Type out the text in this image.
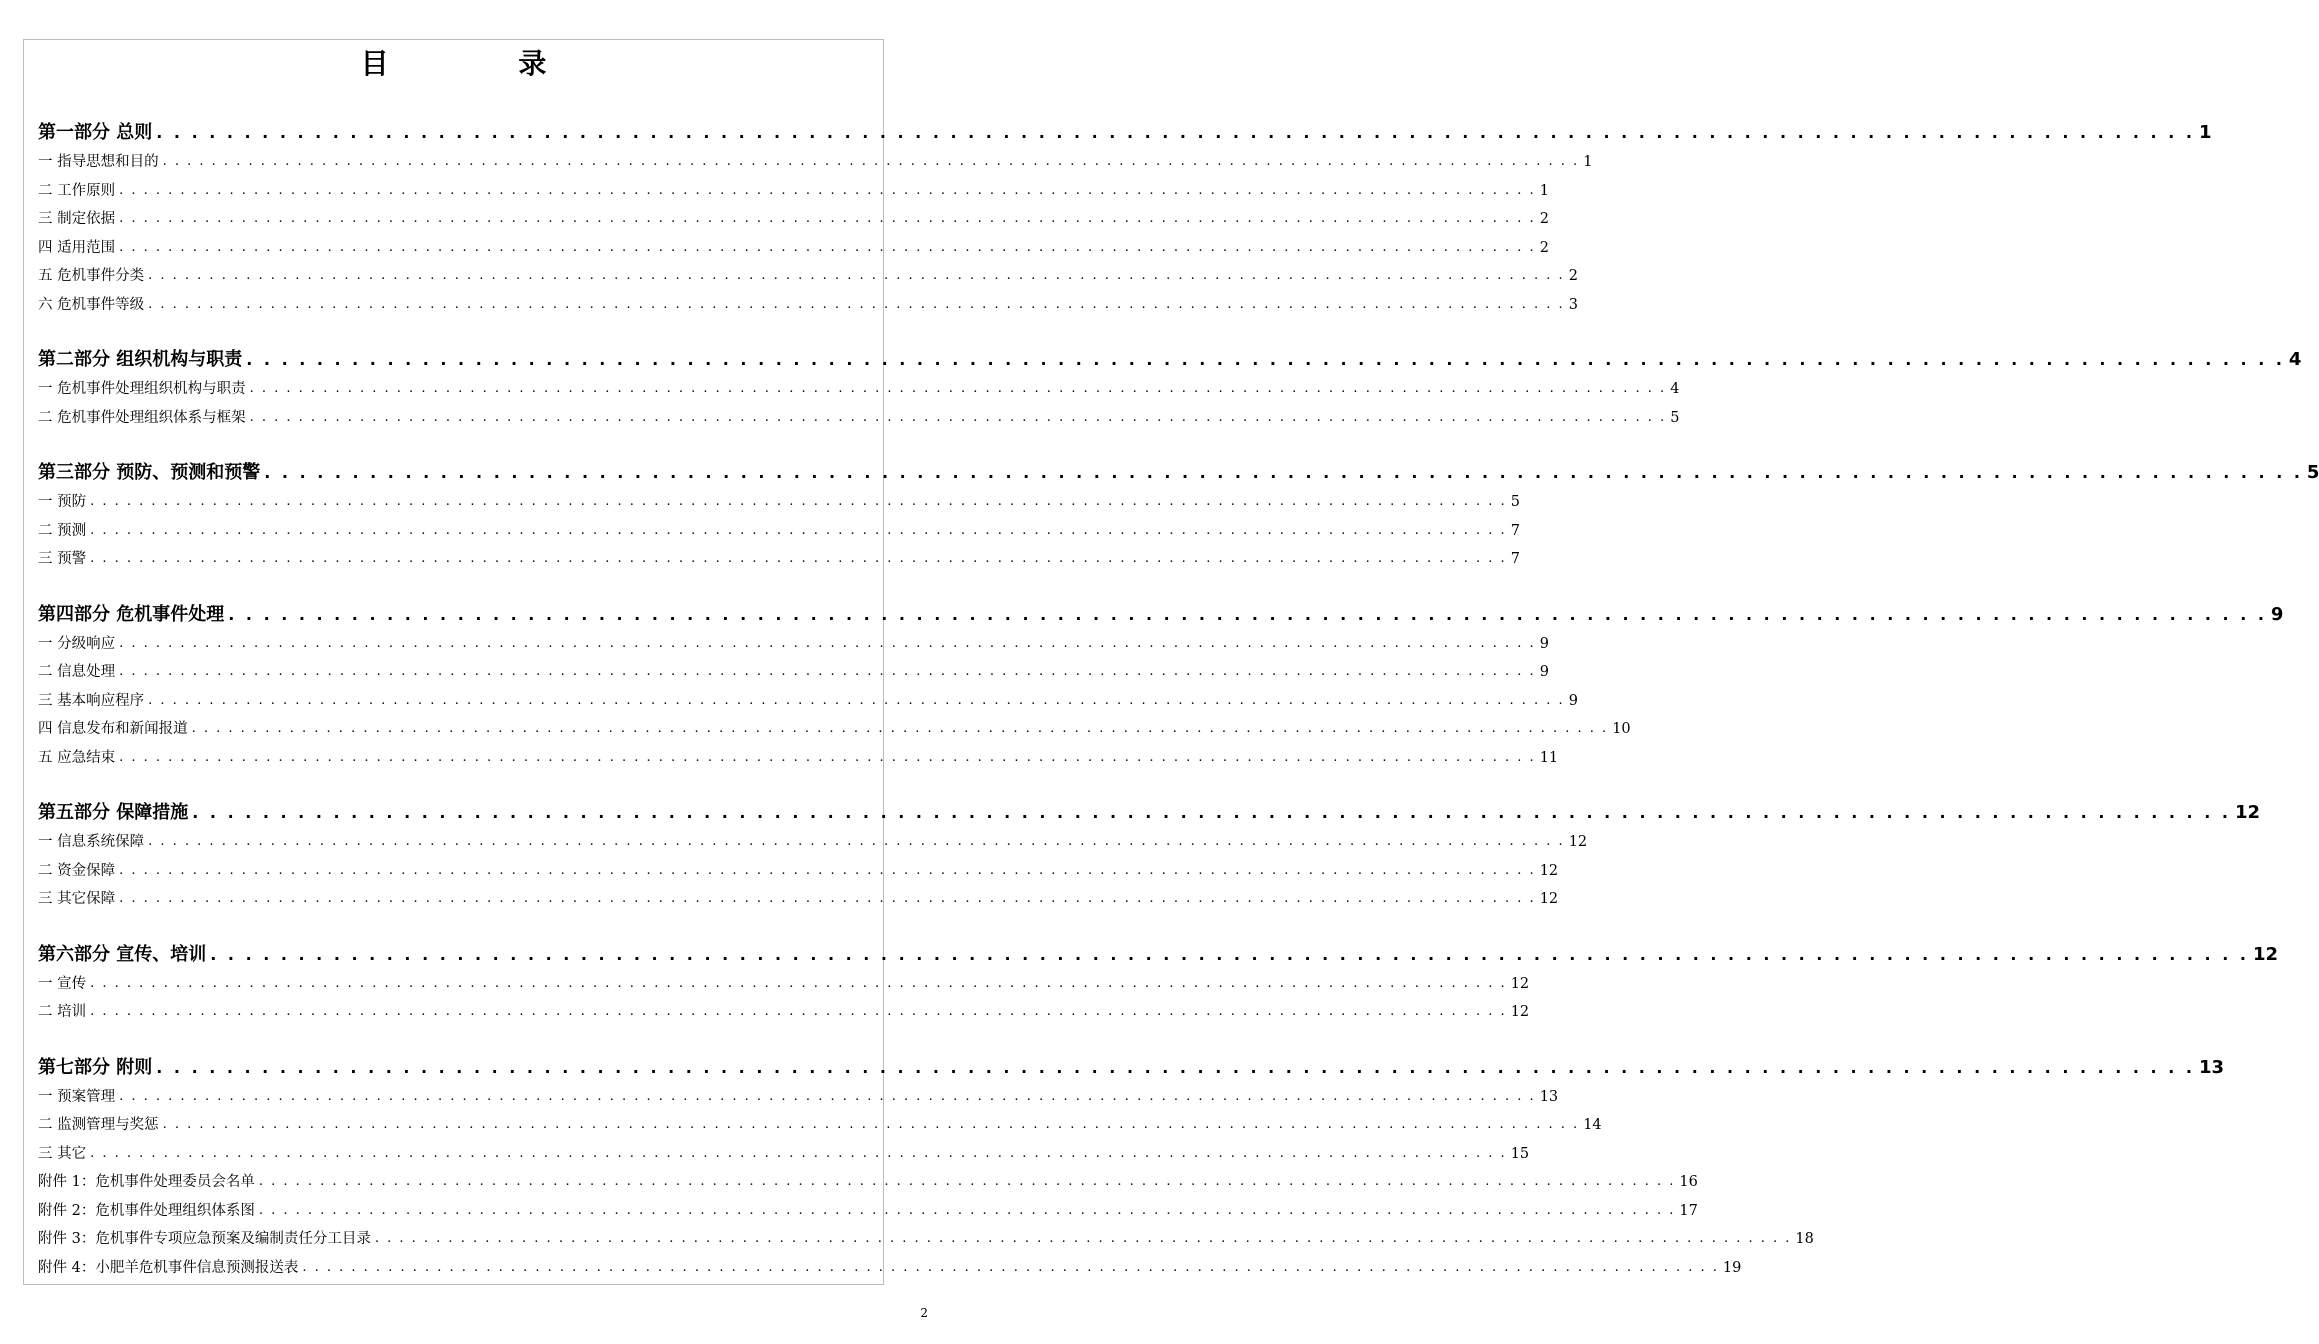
目 录
第一部分 总则 . . . . . . . . . . . . . . . . . . . . . . . . . . . . . . . . . . . . . . . . . . . . . . . . . . . . . . . . . . . . . . . . . . . . . . . . . . . . . . . . . . . . . . . . . . . . . . . . . . . . . . . . . . . . . . . . . . . . 1
一 指导思想和目的 . . . . . . . . . . . . . . . . . . . . . . . . . . . . . . . . . . . . . . . . . . . . . . . . . . . . . . . . . . . . . . . . . . . . . . . . . . . . . . . . . . . . . . . . . . . . . . . . . . . . . . . . . . . . . . . . . . . . 1
二 工作原则 . . . . . . . . . . . . . . . . . . . . . . . . . . . . . . . . . . . . . . . . . . . . . . . . . . . . . . . . . . . . . . . . . . . . . . . . . . . . . . . . . . . . . . . . . . . . . . . . . . . . . . . . . . . . . . . . . . . . 1
三 制定依据 . . . . . . . . . . . . . . . . . . . . . . . . . . . . . . . . . . . . . . . . . . . . . . . . . . . . . . . . . . . . . . . . . . . . . . . . . . . . . . . . . . . . . . . . . . . . . . . . . . . . . . . . . . . . . . . . . . . . 2
四 适用范围 . . . . . . . . . . . . . . . . . . . . . . . . . . . . . . . . . . . . . . . . . . . . . . . . . . . . . . . . . . . . . . . . . . . . . . . . . . . . . . . . . . . . . . . . . . . . . . . . . . . . . . . . . . . . . . . . . . . . 2
五 危机事件分类 . . . . . . . . . . . . . . . . . . . . . . . . . . . . . . . . . . . . . . . . . . . . . . . . . . . . . . . . . . . . . . . . . . . . . . . . . . . . . . . . . . . . . . . . . . . . . . . . . . . . . . . . . . . . . . . . . . . . 2
六 危机事件等级 . . . . . . . . . . . . . . . . . . . . . . . . . . . . . . . . . . . . . . . . . . . . . . . . . . . . . . . . . . . . . . . . . . . . . . . . . . . . . . . . . . . . . . . . . . . . . . . . . . . . . . . . . . . . . . . . . . . . 3
第二部分 组织机构与职责 . . . . . . . . . . . . . . . . . . . . . . . . . . . . . . . . . . . . . . . . . . . . . . . . . . . . . . . . . . . . . . . . . . . . . . . . . . . . . . . . . . . . . . . . . . . . . . . . . . . . . . . . . . . . . . . . . . . . 4
一 危机事件处理组织机构与职责 . . . . . . . . . . . . . . . . . . . . . . . . . . . . . . . . . . . . . . . . . . . . . . . . . . . . . . . . . . . . . . . . . . . . . . . . . . . . . . . . . . . . . . . . . . . . . . . . . . . . . . . . . . . . . . . . . . . . 4
二 危机事件处理组织体系与框架 . . . . . . . . . . . . . . . . . . . . . . . . . . . . . . . . . . . . . . . . . . . . . . . . . . . . . . . . . . . . . . . . . . . . . . . . . . . . . . . . . . . . . . . . . . . . . . . . . . . . . . . . . . . . . . . . . . . . 5
第三部分 预防、预测和预警 . . . . . . . . . . . . . . . . . . . . . . . . . . . . . . . . . . . . . . . . . . . . . . . . . . . . . . . . . . . . . . . . . . . . . . . . . . . . . . . . . . . . . . . . . . . . . . . . . . . . . . . . . . . . . . . . . . . . 5
一 预防 . . . . . . . . . . . . . . . . . . . . . . . . . . . . . . . . . . . . . . . . . . . . . . . . . . . . . . . . . . . . . . . . . . . . . . . . . . . . . . . . . . . . . . . . . . . . . . . . . . . . . . . . . . . . . . . . . . . . 5
二 预测 . . . . . . . . . . . . . . . . . . . . . . . . . . . . . . . . . . . . . . . . . . . . . . . . . . . . . . . . . . . . . . . . . . . . . . . . . . . . . . . . . . . . . . . . . . . . . . . . . . . . . . . . . . . . . . . . . . . . 7
三 预警 . . . . . . . . . . . . . . . . . . . . . . . . . . . . . . . . . . . . . . . . . . . . . . . . . . . . . . . . . . . . . . . . . . . . . . . . . . . . . . . . . . . . . . . . . . . . . . . . . . . . . . . . . . . . . . . . . . . . 7
第四部分 危机事件处理 . . . . . . . . . . . . . . . . . . . . . . . . . . . . . . . . . . . . . . . . . . . . . . . . . . . . . . . . . . . . . . . . . . . . . . . . . . . . . . . . . . . . . . . . . . . . . . . . . . . . . . . . . . . . . . . . . . . . 9
一 分级响应 . . . . . . . . . . . . . . . . . . . . . . . . . . . . . . . . . . . . . . . . . . . . . . . . . . . . . . . . . . . . . . . . . . . . . . . . . . . . . . . . . . . . . . . . . . . . . . . . . . . . . . . . . . . . . . . . . . . . 9
二 信息处理 . . . . . . . . . . . . . . . . . . . . . . . . . . . . . . . . . . . . . . . . . . . . . . . . . . . . . . . . . . . . . . . . . . . . . . . . . . . . . . . . . . . . . . . . . . . . . . . . . . . . . . . . . . . . . . . . . . . . 9
三 基本响应程序 . . . . . . . . . . . . . . . . . . . . . . . . . . . . . . . . . . . . . . . . . . . . . . . . . . . . . . . . . . . . . . . . . . . . . . . . . . . . . . . . . . . . . . . . . . . . . . . . . . . . . . . . . . . . . . . . . . . . 9
四 信息发布和新闻报道 . . . . . . . . . . . . . . . . . . . . . . . . . . . . . . . . . . . . . . . . . . . . . . . . . . . . . . . . . . . . . . . . . . . . . . . . . . . . . . . . . . . . . . . . . . . . . . . . . . . . . . . . . . . . . . . . . . . . 10
五 应急结束 . . . . . . . . . . . . . . . . . . . . . . . . . . . . . . . . . . . . . . . . . . . . . . . . . . . . . . . . . . . . . . . . . . . . . . . . . . . . . . . . . . . . . . . . . . . . . . . . . . . . . . . . . . . . . . . . . . . . 11
第五部分 保障措施 . . . . . . . . . . . . . . . . . . . . . . . . . . . . . . . . . . . . . . . . . . . . . . . . . . . . . . . . . . . . . . . . . . . . . . . . . . . . . . . . . . . . . . . . . . . . . . . . . . . . . . . . . . . . . . . . . . . . 12
一 信息系统保障 . . . . . . . . . . . . . . . . . . . . . . . . . . . . . . . . . . . . . . . . . . . . . . . . . . . . . . . . . . . . . . . . . . . . . . . . . . . . . . . . . . . . . . . . . . . . . . . . . . . . . . . . . . . . . . . . . . . . 12
二 资金保障 . . . . . . . . . . . . . . . . . . . . . . . . . . . . . . . . . . . . . . . . . . . . . . . . . . . . . . . . . . . . . . . . . . . . . . . . . . . . . . . . . . . . . . . . . . . . . . . . . . . . . . . . . . . . . . . . . . . . 12
三 其它保障 . . . . . . . . . . . . . . . . . . . . . . . . . . . . . . . . . . . . . . . . . . . . . . . . . . . . . . . . . . . . . . . . . . . . . . . . . . . . . . . . . . . . . . . . . . . . . . . . . . . . . . . . . . . . . . . . . . . . 12
第六部分 宣传、培训 . . . . . . . . . . . . . . . . . . . . . . . . . . . . . . . . . . . . . . . . . . . . . . . . . . . . . . . . . . . . . . . . . . . . . . . . . . . . . . . . . . . . . . . . . . . . . . . . . . . . . . . . . . . . . . . . . . . . 12
一 宣传 . . . . . . . . . . . . . . . . . . . . . . . . . . . . . . . . . . . . . . . . . . . . . . . . . . . . . . . . . . . . . . . . . . . . . . . . . . . . . . . . . . . . . . . . . . . . . . . . . . . . . . . . . . . . . . . . . . . . 12
二 培训 . . . . . . . . . . . . . . . . . . . . . . . . . . . . . . . . . . . . . . . . . . . . . . . . . . . . . . . . . . . . . . . . . . . . . . . . . . . . . . . . . . . . . . . . . . . . . . . . . . . . . . . . . . . . . . . . . . . . 12
第七部分 附则 . . . . . . . . . . . . . . . . . . . . . . . . . . . . . . . . . . . . . . . . . . . . . . . . . . . . . . . . . . . . . . . . . . . . . . . . . . . . . . . . . . . . . . . . . . . . . . . . . . . . . . . . . . . . . . . . . . . . 13
一 预案管理 . . . . . . . . . . . . . . . . . . . . . . . . . . . . . . . . . . . . . . . . . . . . . . . . . . . . . . . . . . . . . . . . . . . . . . . . . . . . . . . . . . . . . . . . . . . . . . . . . . . . . . . . . . . . . . . . . . . . 13
二 监测管理与奖惩 . . . . . . . . . . . . . . . . . . . . . . . . . . . . . . . . . . . . . . . . . . . . . . . . . . . . . . . . . . . . . . . . . . . . . . . . . . . . . . . . . . . . . . . . . . . . . . . . . . . . . . . . . . . . . . . . . . . . 14
三 其它 . . . . . . . . . . . . . . . . . . . . . . . . . . . . . . . . . . . . . . . . . . . . . . . . . . . . . . . . . . . . . . . . . . . . . . . . . . . . . . . . . . . . . . . . . . . . . . . . . . . . . . . . . . . . . . . . . . . . 15
附件 1：危机事件处理委员会名单 . . . . . . . . . . . . . . . . . . . . . . . . . . . . . . . . . . . . . . . . . . . . . . . . . . . . . . . . . . . . . . . . . . . . . . . . . . . . . . . . . . . . . . . . . . . . . . . . . . . . . . . . . . . . . . . . . . . . 16
附件 2：危机事件处理组织体系图 . . . . . . . . . . . . . . . . . . . . . . . . . . . . . . . . . . . . . . . . . . . . . . . . . . . . . . . . . . . . . . . . . . . . . . . . . . . . . . . . . . . . . . . . . . . . . . . . . . . . . . . . . . . . . . . . . . . . 17
附件 3：危机事件专项应急预案及编制责任分工目录 . . . . . . . . . . . . . . . . . . . . . . . . . . . . . . . . . . . . . . . . . . . . . . . . . . . . . . . . . . . . . . . . . . . . . . . . . . . . . . . . . . . . . . . . . . . . . . . . . . . . . . . . . . . . . . . . . . . . 18
附件 4：小肥羊危机事件信息预测报送表 . . . . . . . . . . . . . . . . . . . . . . . . . . . . . . . . . . . . . . . . . . . . . . . . . . . . . . . . . . . . . . . . . . . . . . . . . . . . . . . . . . . . . . . . . . . . . . . . . . . . . . . . . . . . . . . . . . . . 19
2
